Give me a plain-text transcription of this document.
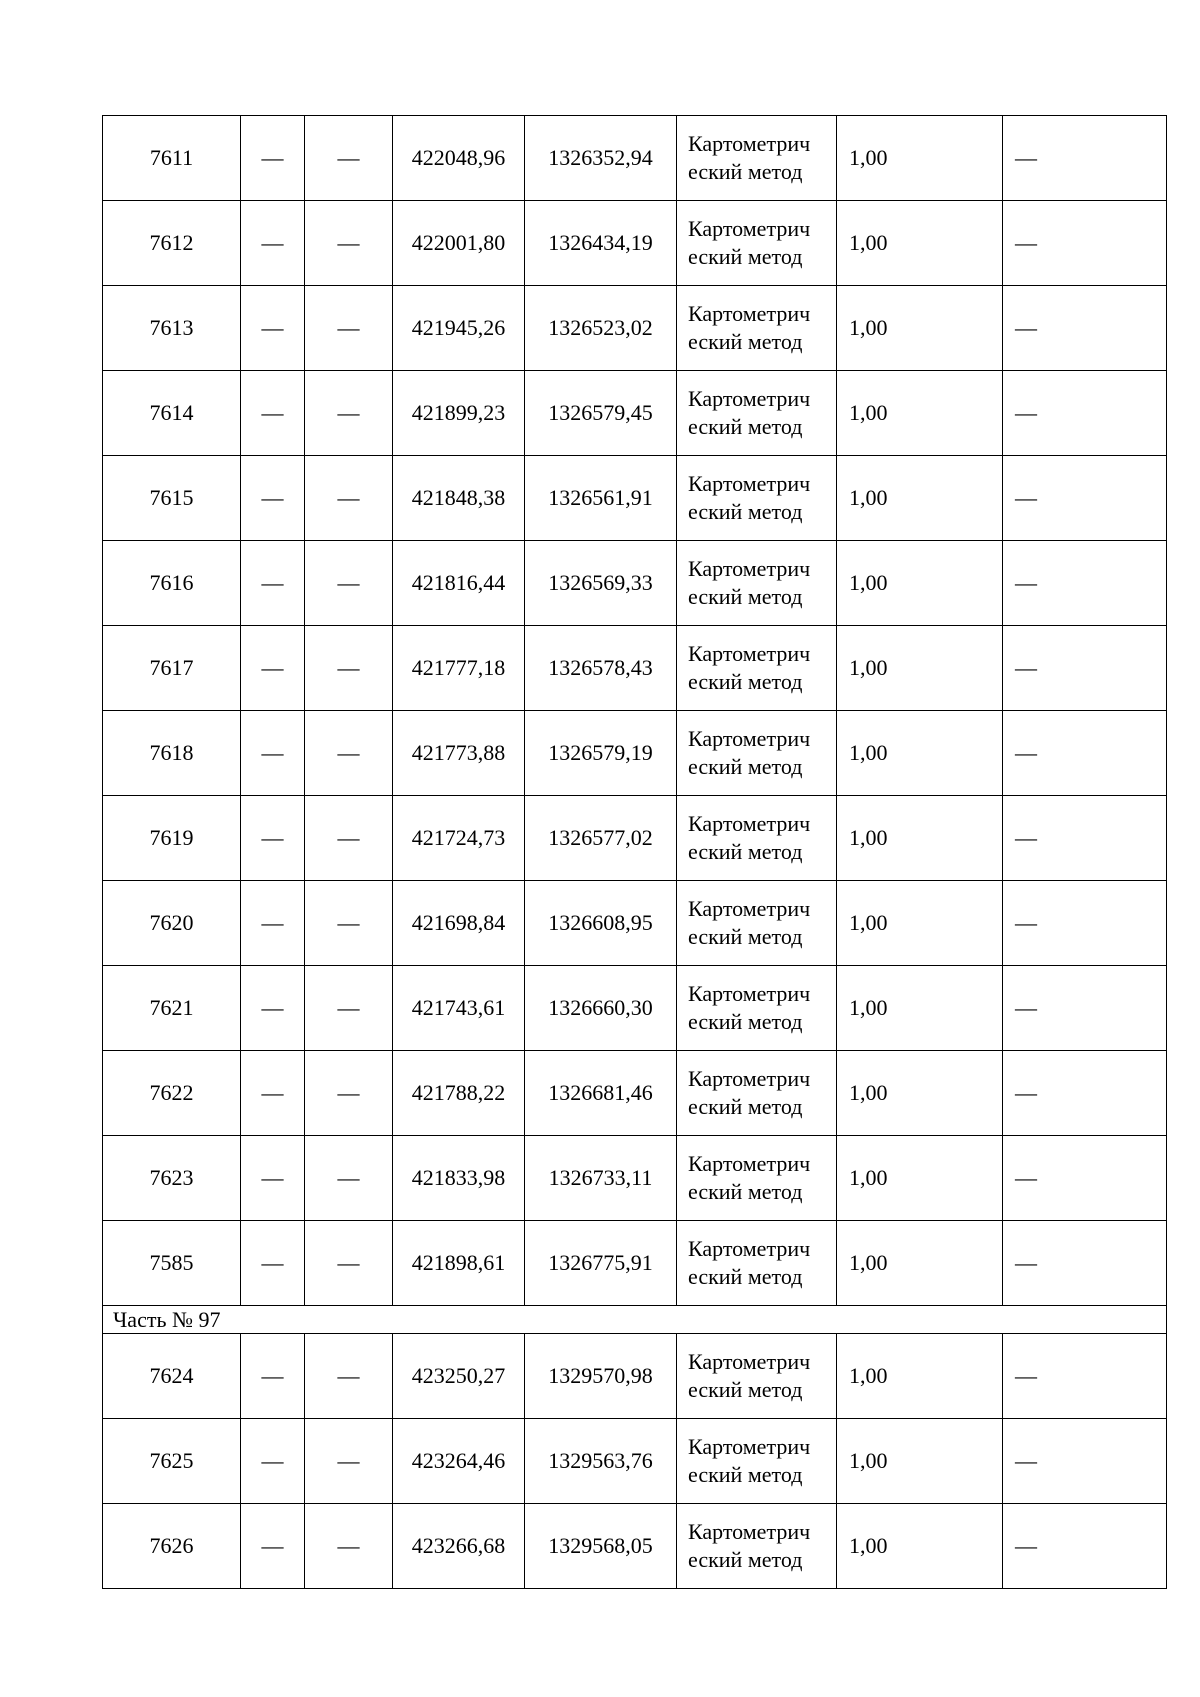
7611	—	—	422048,96	1326352,94	Картометрический метод	1,00	—
7612	—	—	422001,80	1326434,19	Картометрический метод	1,00	—
7613	—	—	421945,26	1326523,02	Картометрический метод	1,00	—
7614	—	—	421899,23	1326579,45	Картометрический метод	1,00	—
7615	—	—	421848,38	1326561,91	Картометрический метод	1,00	—
7616	—	—	421816,44	1326569,33	Картометрический метод	1,00	—
7617	—	—	421777,18	1326578,43	Картометрический метод	1,00	—
7618	—	—	421773,88	1326579,19	Картометрический метод	1,00	—
7619	—	—	421724,73	1326577,02	Картометрический метод	1,00	—
7620	—	—	421698,84	1326608,95	Картометрический метод	1,00	—
7621	—	—	421743,61	1326660,30	Картометрический метод	1,00	—
7622	—	—	421788,22	1326681,46	Картометрический метод	1,00	—
7623	—	—	421833,98	1326733,11	Картометрический метод	1,00	—
7585	—	—	421898,61	1326775,91	Картометрический метод	1,00	—
Часть № 97							
7624	—	—	423250,27	1329570,98	Картометрический метод	1,00	—
7625	—	—	423264,46	1329563,76	Картометрический метод	1,00	—
7626	—	—	423266,68	1329568,05	Картометрический метод	1,00	—
